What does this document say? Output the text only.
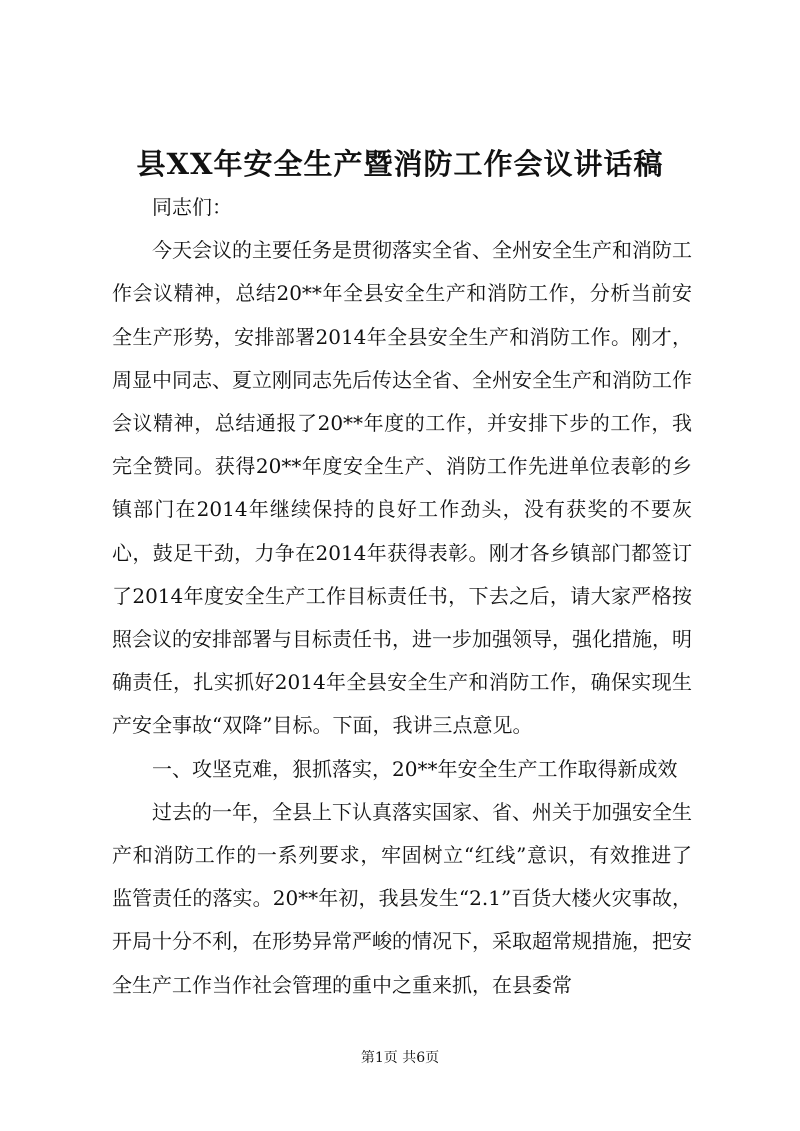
县XX年安全生产暨消防工作会议讲话稿

同志们：

今天会议的主要任务是贯彻落实全省、全州安全生产和消防工作会议精神，总结20**年全县安全生产和消防工作，分析当前安全生产形势，安排部署2014年全县安全生产和消防工作。刚才，周显中同志、夏立刚同志先后传达全省、全州安全生产和消防工作会议精神，总结通报了20**年度的工作，并安排下步的工作，我完全赞同。获得20**年度安全生产、消防工作先进单位表彰的乡镇部门在2014年继续保持的良好工作劲头，没有获奖的不要灰心，鼓足干劲，力争在2014年获得表彰。刚才各乡镇部门都签订了2014年度安全生产工作目标责任书，下去之后，请大家严格按照会议的安排部署与目标责任书，进一步加强领导，强化措施，明确责任，扎实抓好2014年全县安全生产和消防工作，确保实现生产安全事故“双降”目标。下面，我讲三点意见。

一、攻坚克难，狠抓落实，20**年安全生产工作取得新成效

过去的一年，全县上下认真落实国家、省、州关于加强安全生产和消防工作的一系列要求，牢固树立“红线”意识，有效推进了监管责任的落实。20**年初，我县发生“2.1”百货大楼火灾事故，开局十分不利，在形势异常严峻的情况下，采取超常规措施，把安全生产工作当作社会管理的重中之重来抓，在县委常

第1页 共6页
